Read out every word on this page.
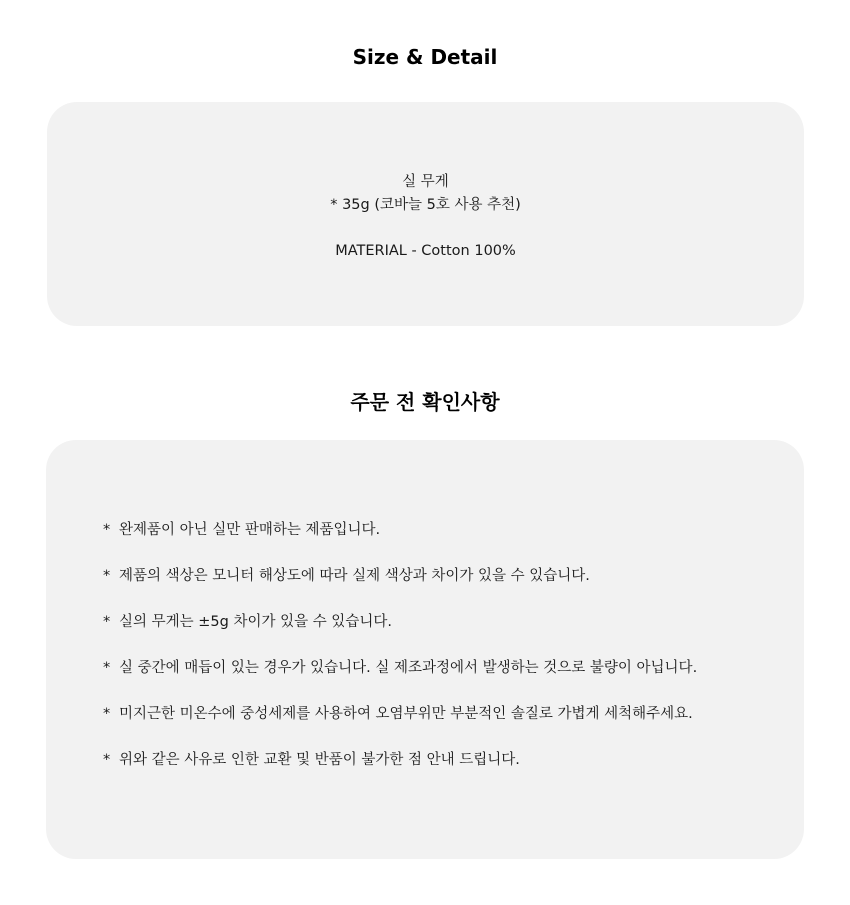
Size & Detail
실 무게
* 35g (코바늘 5호 사용 추천)
MATERIAL - Cotton 100%
주문 전 확인사항
* 완제품이 아닌 실만 판매하는 제품입니다.
* 제품의 색상은 모니터 해상도에 따라 실제 색상과 차이가 있을 수 있습니다.
* 실의 무게는 ±5g 차이가 있을 수 있습니다.
* 실 중간에 매듭이 있는 경우가 있습니다. 실 제조과정에서 발생하는 것으로 불량이 아닙니다.
* 미지근한 미온수에 중성세제를 사용하여 오염부위만 부분적인 솔질로 가볍게 세척해주세요.
* 위와 같은 사유로 인한 교환 및 반품이 불가한 점 안내 드립니다.
